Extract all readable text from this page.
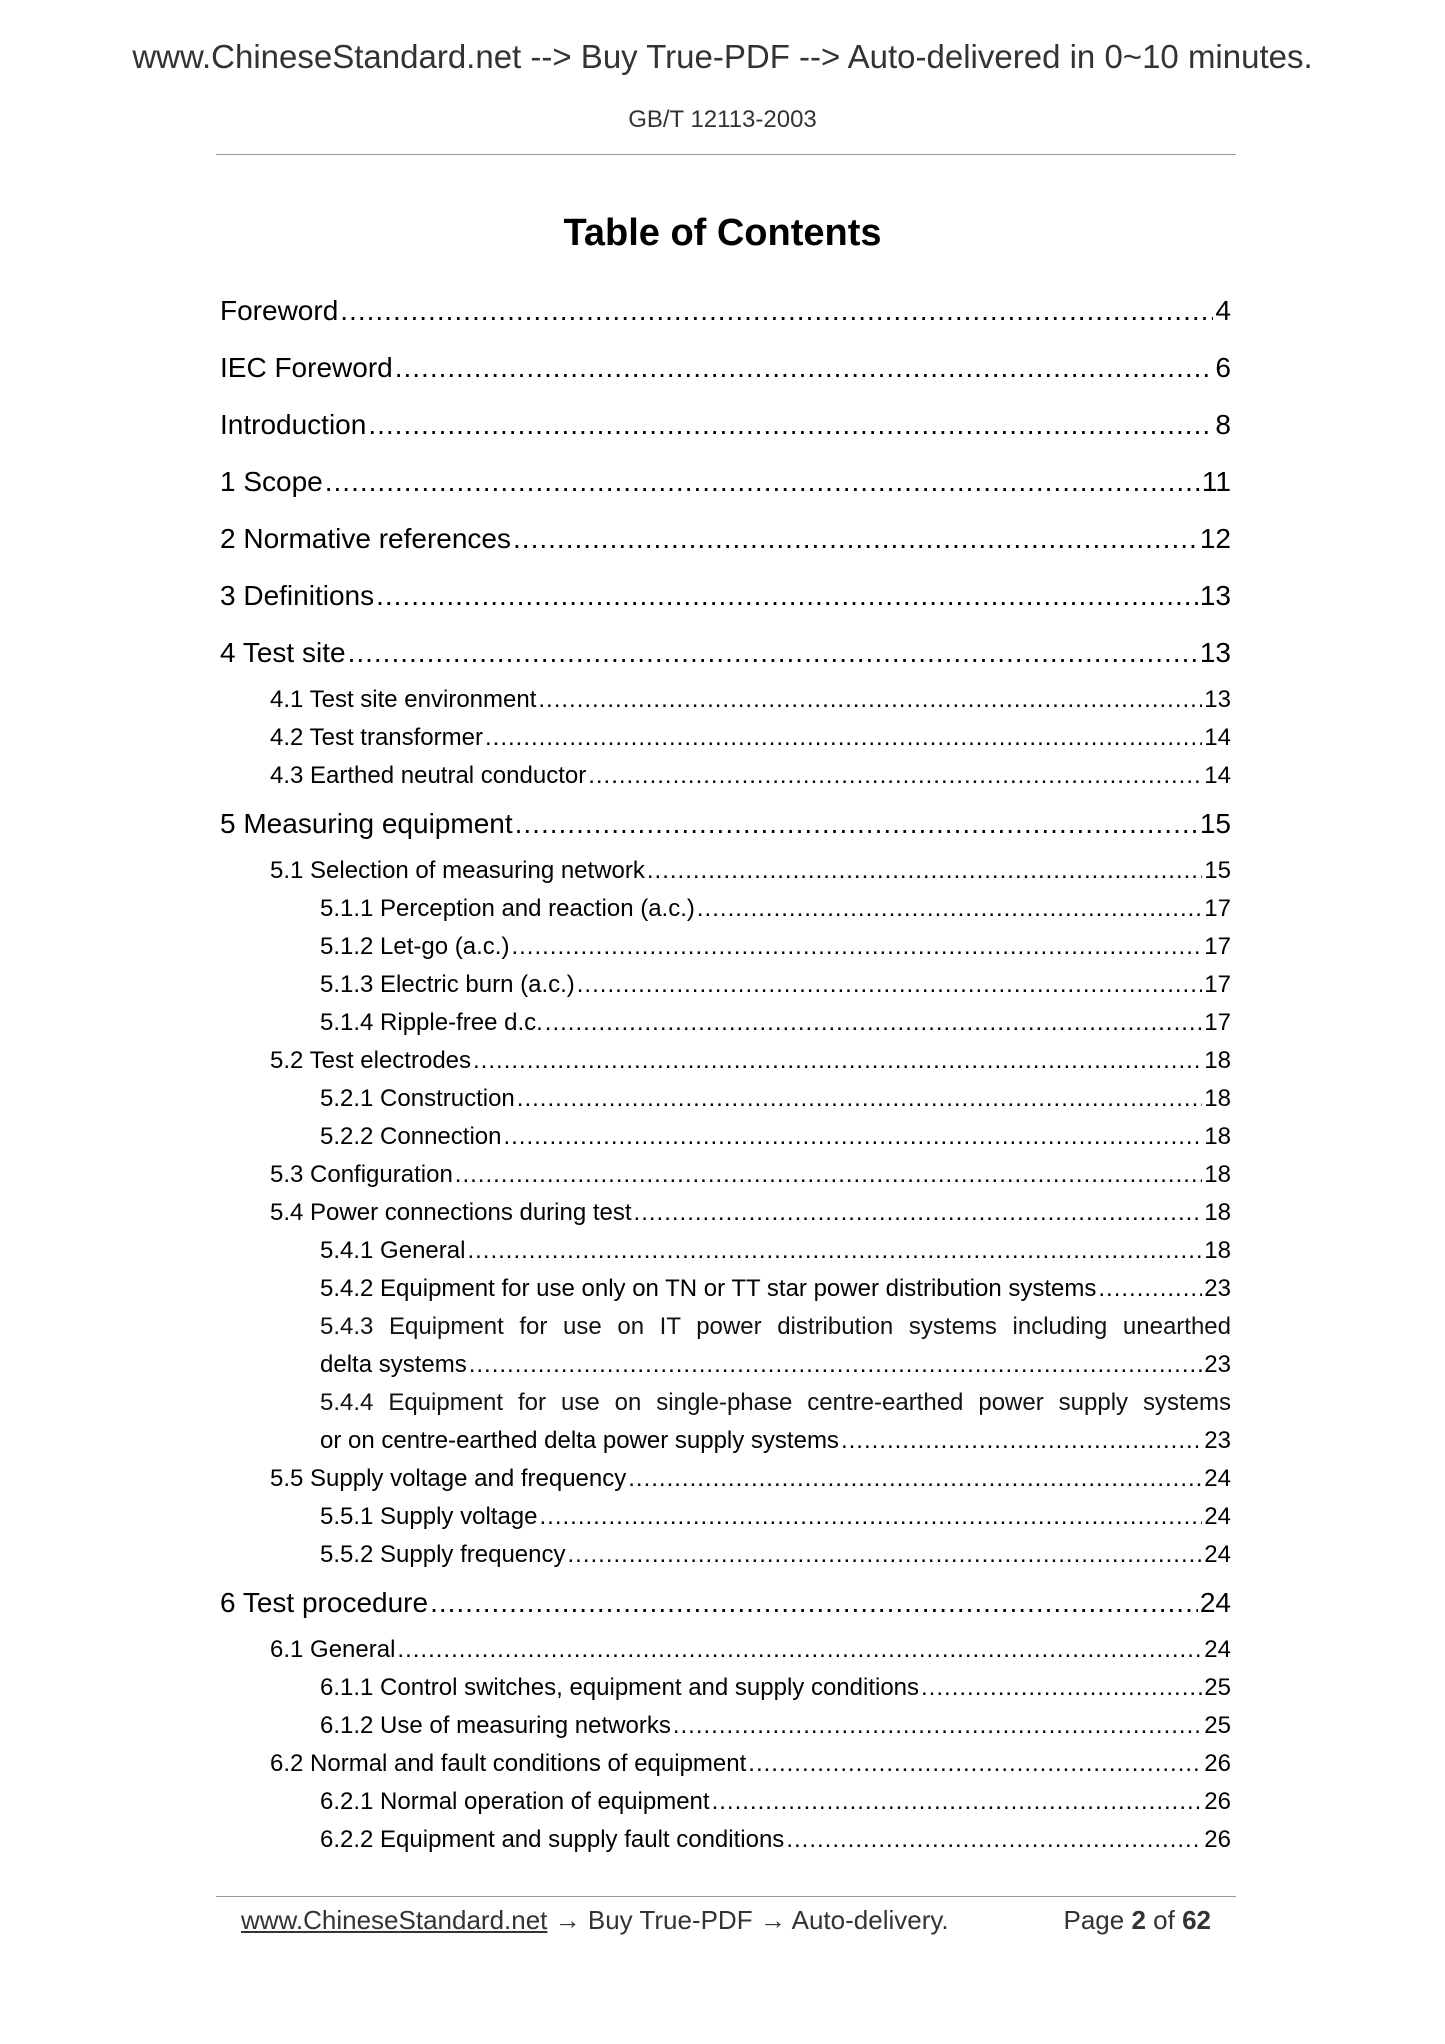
www.ChineseStandard.net --> Buy True-PDF --> Auto-delivered in 0~10 minutes.
GB/T 12113-2003
Table of Contents
Foreword .....	4
IEC Foreword .....	6
Introduction .....	8
1 Scope .....	11
2 Normative references .....	12
3 Definitions .....	13
4 Test site .....	13
4.1 Test site environment .....	13
4.2 Test transformer .....	14
4.3 Earthed neutral conductor .....	14
5 Measuring equipment .....	15
5.1 Selection of measuring network .....	15
5.1.1 Perception and reaction (a.c.) .....	17
5.1.2 Let-go (a.c.) .....	17
5.1.3 Electric burn (a.c.) .....	17
5.1.4 Ripple-free d.c. .....	17
5.2 Test electrodes .....	18
5.2.1 Construction .....	18
5.2.2 Connection .....	18
5.3 Configuration .....	18
5.4 Power connections during test .....	18
5.4.1 General .....	18
5.4.2 Equipment for use only on TN or TT star power distribution systems .....	23
5.4.3 Equipment for use on IT power distribution systems including unearthed
delta systems .....	23
5.4.4 Equipment for use on single-phase centre-earthed power supply systems
or on centre-earthed delta power supply systems .....	23
5.5 Supply voltage and frequency .....	24
5.5.1 Supply voltage .....	24
5.5.2 Supply frequency .....	24
6 Test procedure .....	24
6.1 General .....	24
6.1.1 Control switches, equipment and supply conditions .....	25
6.1.2 Use of measuring networks .....	25
6.2 Normal and fault conditions of equipment .....	26
6.2.1 Normal operation of equipment .....	26
6.2.2 Equipment and supply fault conditions .....	26
www.ChineseStandard.net → Buy True-PDF → Auto-delivery.	Page 2 of 62
